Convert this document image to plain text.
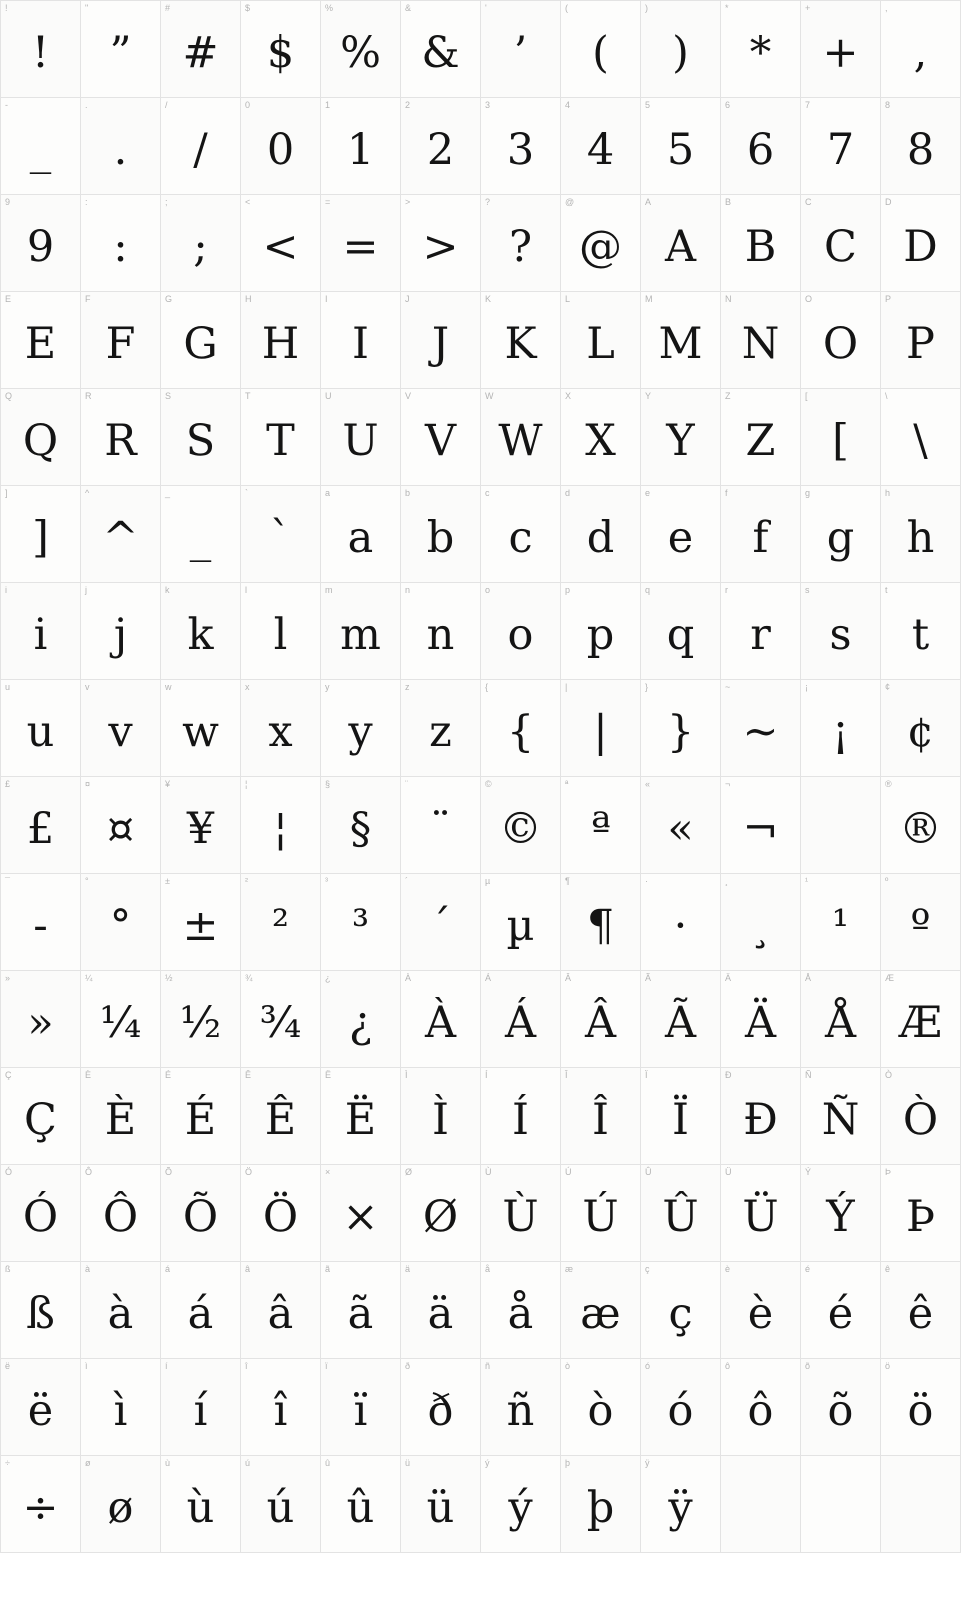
!
!
"
”
#
#
$
$
%
%
&
&
'
’
(
(
)
)
*
*
+
+
,
,
-
_
.
.
/
/
0
0
1
1
2
2
3
3
4
4
5
5
6
6
7
7
8
8
9
9
:
:
;
;
<
<
=
=
>
>
?
?
@
@
A
A
B
B
C
C
D
D
E
E
F
F
G
G
H
H
I
I
J
J
K
K
L
L
M
M
N
N
O
O
P
P
Q
Q
R
R
S
S
T
T
U
U
V
V
W
W
X
X
Y
Y
Z
Z
[
[
\
\
]
]
^
^
_
_
`
`
a
a
b
b
c
c
d
d
e
e
f
f
g
g
h
h
i
i
j
j
k
k
l
l
m
m
n
n
o
o
p
p
q
q
r
r
s
s
t
t
u
u
v
v
w
w
x
x
y
y
z
z
{
{
|
|
}
}
~
~
¡
¡
¢
¢
£
£
¤
¤
¥
¥
¦
¦
§
§
¨
¨
©
©
ª
ª
«
«
¬
¬
®
®
¯
-
°
°
±
±
²
²
³
³
´
´
µ
µ
¶
¶
·
·
¸
¸
¹
¹
º
º
»
»
¼
¼
½
½
¾
¾
¿
¿
À
À
Á
Á
Â
Â
Ã
Ã
Ä
Ä
Å
Å
Æ
Æ
Ç
Ç
È
È
É
É
Ê
Ê
Ë
Ë
Ì
Ì
Í
Í
Î
Î
Ï
Ï
Ð
Ð
Ñ
Ñ
Ò
Ò
Ó
Ó
Ô
Ô
Õ
Õ
Ö
Ö
×
×
Ø
Ø
Ù
Ù
Ú
Ú
Û
Û
Ü
Ü
Ý
Ý
Þ
Þ
ß
ß
à
à
á
á
â
â
ã
ã
ä
ä
å
å
æ
æ
ç
ç
è
è
é
é
ê
ê
ë
ë
ì
ì
í
í
î
î
ï
ï
ð
ð
ñ
ñ
ò
ò
ó
ó
ô
ô
õ
õ
ö
ö
÷
÷
ø
ø
ù
ù
ú
ú
û
û
ü
ü
ý
ý
þ
þ
ÿ
ÿ
